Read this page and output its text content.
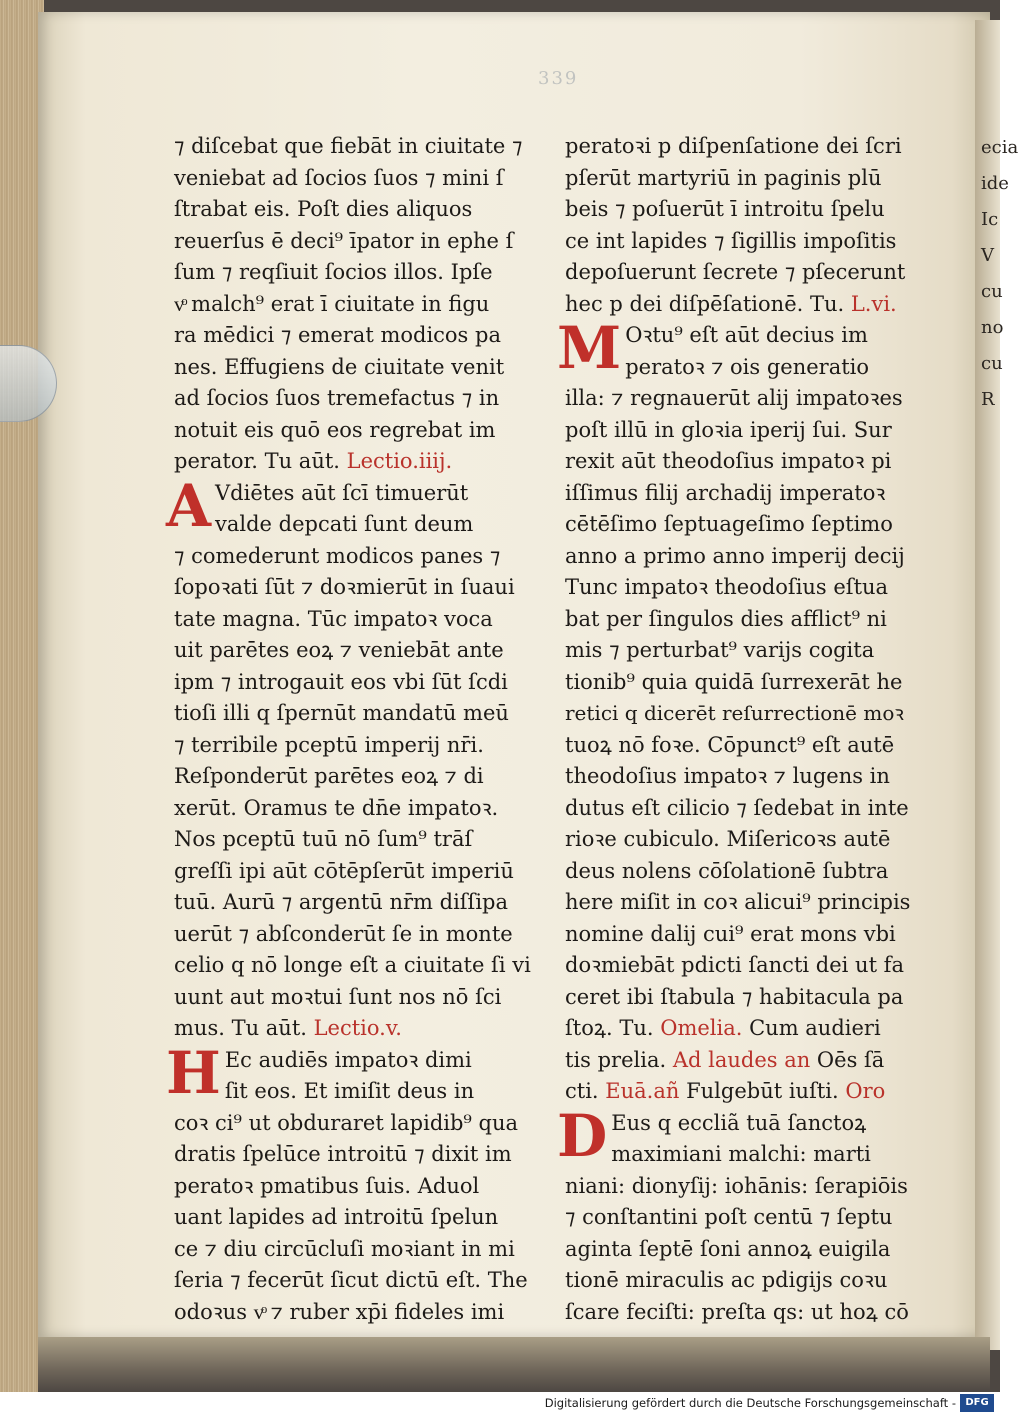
ecia
ide
Ic
V
cu
no
cu
R
339
⁊ diſcebat que fiebāt in ciuitate ⁊
veniebat ad ſocios ſuos ⁊ mini ſ
ſtrabat eis. Poſt dies aliquos
reuerſus ē deci⁹ īpator in ephe ſ
ſum ⁊ reqſiuit ſocios illos. Ipſe
vͦ malch⁹ erat ī ciuitate in figu
ra mēdici ⁊ emerat modicos pa
nes. Effugiens de ciuitate venit
ad ſocios ſuos tremefactus ⁊ in
notuit eis quō eos regrebat im
perator. Tu aūt. Lectio.iiij.
A Vdiētes aūt ſcī timuerūt
valde depcati ſunt deum
⁊ comederunt modicos panes ⁊
ſopoꝛati ſūt ⁊ doꝛmierūt in ſuaui
tate magna. Tūc impatoꝛ voca
uit parētes eoꝝ ⁊ veniebāt ante
ipm ⁊ introgauit eos vbi ſūt ſcdi
tioſi illi q ſpernūt mandatū meū
⁊ terribile pceptū imperij nr̄i.
Reſponderūt parētes eoꝝ ⁊ di
xerūt. Oramus te dn̄e impatoꝛ.
Nos pceptū tuū nō ſum⁹ trāſ
greſſi ipi aūt cōtēpſerūt imperiū
tuū. Aurū ⁊ argentū nr̄m diſſipa
uerūt ⁊ abſconderūt ſe in monte
celio q nō longe eſt a ciuitate ſi vi
uunt aut moꝛtui ſunt nos nō ſci
mus. Tu aūt. Lectio.v.
H Ec audiēs impatoꝛ dimi
ſit eos. Et imiſit deus in
coꝛ ci⁹ ut obduraret lapidib⁹ qua
dratis ſpelūce introitū ⁊ dixit im
peratoꝛ pmatibus ſuis. Aduol
uant lapides ad introitū ſpelun
ce ⁊ diu circūcluſi moꝛiant in mi
ſeria ⁊ fecerūt ſicut dictū eſt. The
odoꝛus vͦ ⁊ ruber xp̄i fideles imi
peratoꝛi p diſpenſatione dei ſcri
pſerūt martyriū in paginis plū
beis ⁊ poſuerūt ī introitu ſpelu
ce int lapides ⁊ ſigillis impoſitis
depoſuerunt ſecrete ⁊ pſecerunt
hec p dei diſpēſationē. Tu. L.vi.
M Oꝛtu⁹ eſt aūt decius im
peratoꝛ ⁊ ois generatio
illa: ⁊ regnauerūt alij impatoꝛes
poſt illū in gloꝛia iperij ſui. Sur
rexit aūt theodoſius impatoꝛ pi
iſſimus filij archadij imperatoꝛ
cētēſimo ſeptuageſimo ſeptimo
anno a primo anno imperij decij
Tunc impatoꝛ theodoſius eſtua
bat per ſingulos dies afflict⁹ ni
mis ⁊ perturbat⁹ varijs cogita
tionib⁹ quia quidā ſurrexerāt he
retici q dicerēt reſurrectionē moꝛ
tuoꝝ nō foꝛe. Cōpunct⁹ eſt autē
theodoſius impatoꝛ ⁊ lugens in
dutus eſt cilicio ⁊ ſedebat in inte
rioꝛe cubiculo. Miſericoꝛs autē
deus nolens cōſolationē ſubtra
here miſit in coꝛ alicui⁹ principis
nomine dalij cui⁹ erat mons vbi
doꝛmiebāt pdicti ſancti dei ut fa
ceret ibi ſtabula ⁊ habitacula pa
ſtoꝝ. Tu. Omelia. Cum audieri
tis prelia. Ad laudes an Oēs ſā
cti. Euā.añ Fulgebūt iuſti. Oro
D Eus q eccliã tuā ſanctoꝝ
maximiani malchi: marti
niani: dionyſij: iohānis: ſerapiōis
⁊ conſtantini poſt centū ⁊ ſeptu
aginta ſeptē ſoni annoꝝ euigila
tionē miraculis ac pdigijs coꝛu
ſcare feciſti: preſta qs: ut hoꝝ cō
Digitalisierung gefördert durch die Deutsche Forschungsgemeinschaft - DFG
